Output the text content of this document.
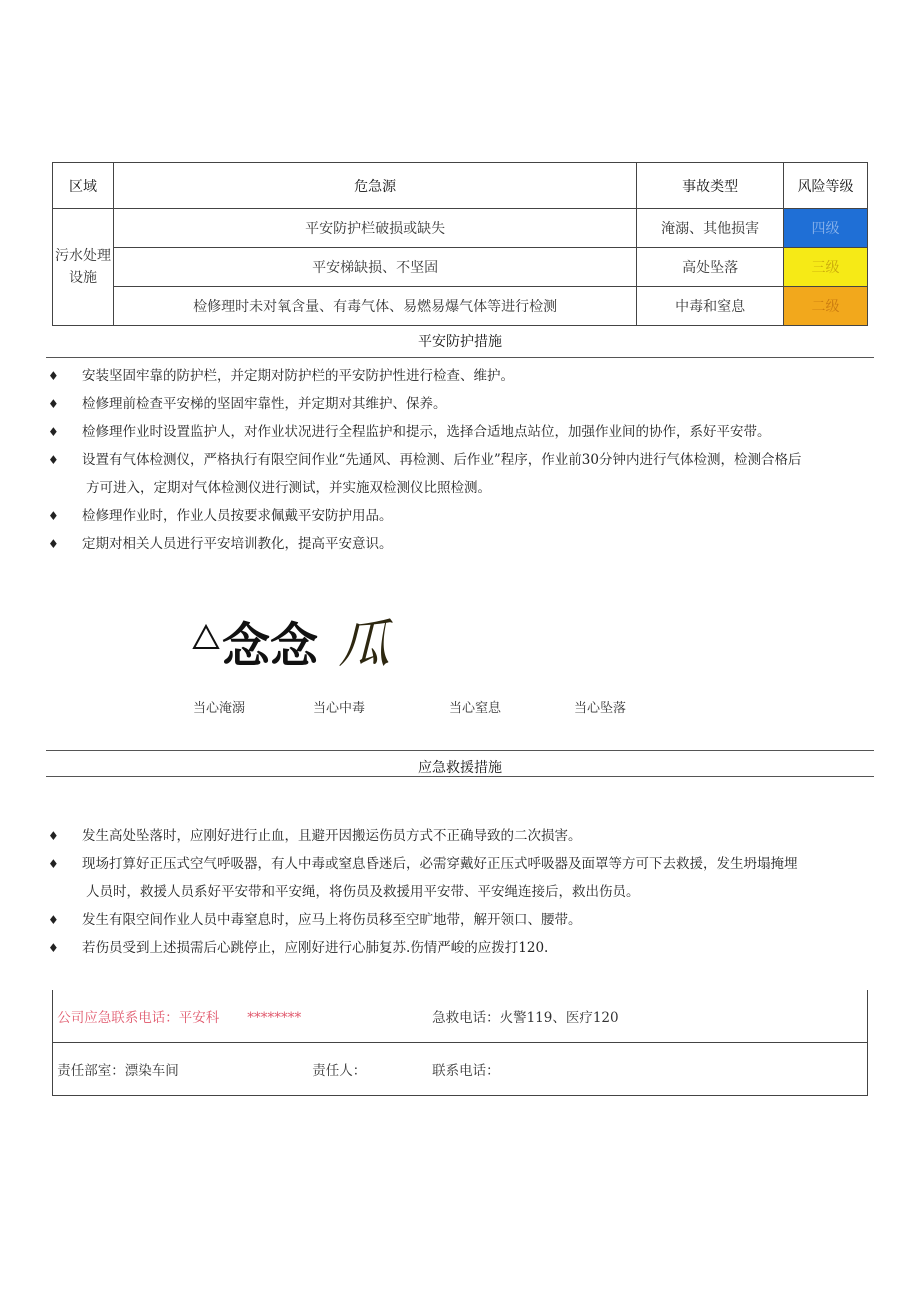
区域	危急源	事故类型	风险等级
污水处理设施	平安防护栏破损或缺失	淹溺、其他损害	四级
	平安梯缺损、不坚固	高处坠落	三级
	检修理时未对氧含量、有毒气体、易燃易爆气体等进行检测	中毒和窒息	二级
平安防护措施
♦ 安装坚固牢靠的防护栏，并定期对防护栏的平安防护性进行检查、维护。
♦ 检修理前检查平安梯的坚固牢靠性，并定期对其维护、保养。
♦ 检修理作业时设置监护人，对作业状况进行全程监护和提示，选择合适地点站位，加强作业间的协作，系好平安带。
♦ 设置有气体检测仪，严格执行有限空间作业“先通风、再检测、后作业”程序，作业前30分钟内进行气体检测，检测合格后
方可进入，定期对气体检测仪进行测试，并实施双检测仪比照检测。
♦ 检修理作业时，作业人员按要求佩戴平安防护用品。
♦ 定期对相关人员进行平安培训教化，提高平安意识。
念念 瓜
当心淹溺	当心中毒	当心窒息	当心坠落
应急救援措施
♦ 发生高处坠落时，应刚好进行止血，且避开因搬运伤员方式不正确导致的二次损害。
♦ 现场打算好正压式空气呼吸器，有人中毒或窒息昏迷后，必需穿戴好正压式呼吸器及面罩等方可下去救援，发生坍塌掩埋
人员时，救援人员系好平安带和平安绳，将伤员及救援用平安带、平安绳连接后，救出伤员。
♦ 发生有限空间作业人员中毒窒息时，应马上将伤员移至空旷地带，解开领口、腰带。
♦ 若伤员受到上述损需后心跳停止，应刚好进行心肺复苏.伤情严峻的应拨打120.
公司应急联系电话：平安科 ********		急救电话：火警119、医疗120
责任部室：漂染车间	责任人：	联系电话：
